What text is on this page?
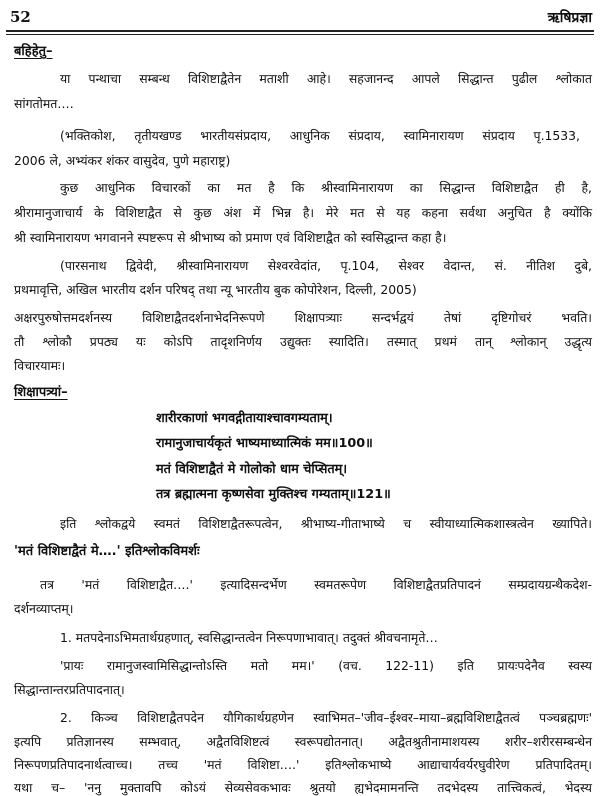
52	ऋषिप्रज्ञा
बहिहेतु–
या पन्थाचा सम्बन्ध विशिष्टाद्वैतेन मताशी आहे। सहजानन्द आपले सिद्धान्त पुढील श्लोकात
सांगतोमत….
(भक्तिकोश, तृतीयखण्ड भारतीयसंप्रदाय, आधुनिक संप्रदाय, स्वामिनारायण संप्रदाय पृ.1533,
2006 ले, अभ्यंकर शंकर वासुदेव, पुणे महाराष्ट्र)
कुछ आधुनिक विचारकों का मत है कि श्रीस्वामिनारायण का सिद्धान्त विशिष्टाद्वैत ही है,
श्रीरामानुजाचार्य के विशिष्टाद्वैत से कुछ अंश में भिन्न है। मेरे मत से यह कहना सर्वथा अनुचित है क्योंकि
श्री स्वामिनारायण भगवानने स्पष्टरूप से श्रीभाष्य को प्रमाण एवं विशिष्टाद्वैत को स्वसिद्धान्त कहा है।
(पारसनाथ द्विवेदी, श्रीस्वामिनारायण सेश्वरवेदांत, पृ.104, सेश्वर वेदान्त, सं. नीतिश दुबे,
प्रथमावृत्ति, अखिल भारतीय दर्शन परिषद् तथा न्यू भारतीय बुक कोपोरेशन, दिल्ली, 2005)
अक्षरपुरुषोत्तमदर्शनस्य विशिष्टाद्वैतदर्शनाभेदनिरूपणे शिक्षापत्र्याः सन्दर्भद्वयं तेषां दृष्टिगोचरं भवति।
तौ श्लोकौ प्रपठ्य यः कोऽपि तादृशनिर्णय उद्युक्तः स्यादिति। तस्मात् प्रथमं तान् श्लोकान् उद्धृत्य
विचारयामः।
शिक्षापत्र्यां–
शारीरकाणां भगवद्गीतायाश्चावगम्यताम्।
रामानुजाचार्यकृतं भाष्यमाध्यात्मिकं मम॥100॥
मतं विशिष्टाद्वैतं मे गोलोको धाम चेप्सितम्।
तत्र ब्रह्मात्मना कृष्णसेवा मुक्तिश्च गम्यताम्॥121॥
इति श्लोकद्वये स्वमतं विशिष्टाद्वैतरूपत्वेन, श्रीभाष्य-गीताभाष्ये च स्वीयाध्यात्मिकशास्त्रत्वेन ख्यापिते।
'मतं विशिष्टाद्वैतं मे….' इतिश्लोकविमर्शः
तत्र 'मतं विशिष्टाद्वैत….' इत्यादिसन्दर्भेण स्वमतरूपेण विशिष्टाद्वैतप्रतिपादनं सम्प्रदायग्रन्थैकदेश-
दर्शनव्याप्तम्।
1. मतपदेनाऽभिमतार्थग्रहणात्, स्वसिद्धान्तत्वेन निरूपणाभावात्। तदुक्तं श्रीवचनामृते…
'प्रायः रामानुजस्वामिसिद्धान्तोऽस्ति मतो मम।' (वच. 122-11) इति प्रायःपदेनैव स्वस्य
सिद्धान्तान्तरप्रतिपादनात्।
2. किञ्च विशिष्टाद्वैतपदेन यौगिकार्थग्रहणेन स्वाभिमत–'जीव–ईश्वर–माया–ब्रह्मविशिष्टाद्वैतत्वं पञ्चब्रह्मणः'
इत्यपि प्रतिज्ञानस्य सम्भवात्, अद्वैतविशिष्टत्वं स्वरूपद्योतनात्। अद्वैतश्रुतीनामाशयस्य शरीर–शरीरसम्बन्धेन
निरूपणप्रतिपादनार्थत्वाच्च। तच्च 'मतं विशिष्टा….' इतिश्लोकभाष्ये आद्याचार्यवर्यरघुवीरेण प्रतिपादितम्।
यथा च– 'ननु मुक्तावपि कोऽयं सेव्यसेवकभावः श्रुतयो ह्यभेदमामनन्ति तदभेदस्य तात्त्विकत्वं, भेदस्य
